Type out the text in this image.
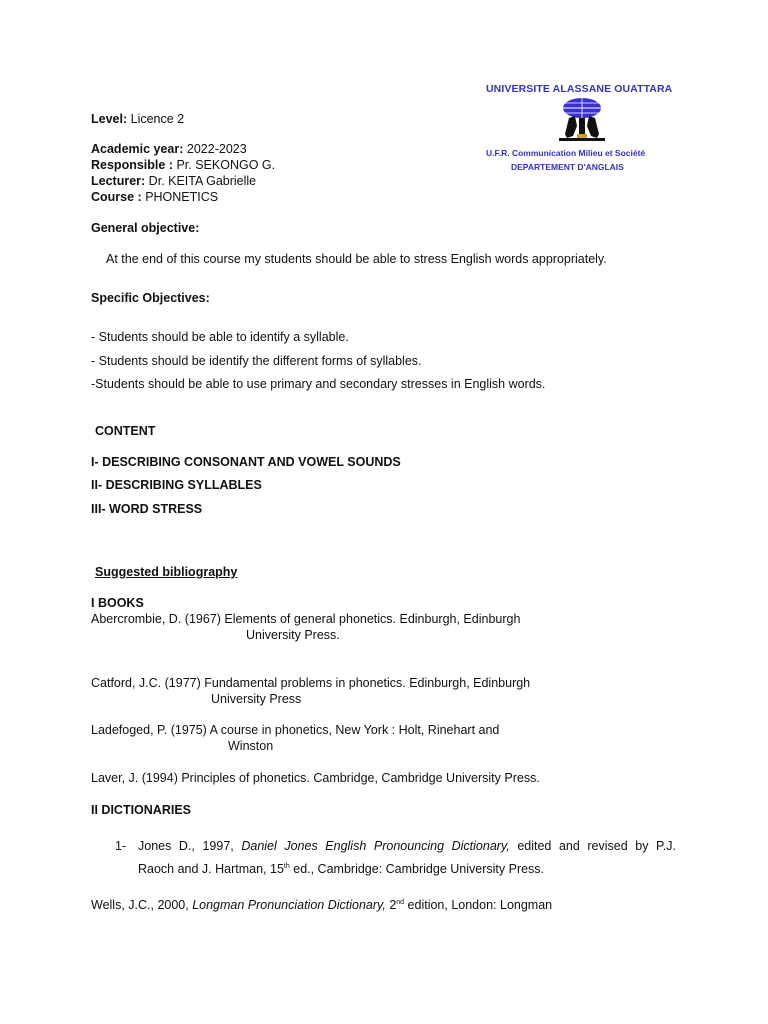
UNIVERSITE ALASSANE OUATTARA
U.F.R. Communication Milieu et Société
DEPARTEMENT D'ANGLAIS
Level: Licence 2
Academic year: 2022-2023
Responsible : Pr. SEKONGO G.
Lecturer: Dr. KEITA Gabrielle
Course : PHONETICS
General objective:
At the end of this course my students should be able to stress English words appropriately.
Specific Objectives:
- Students should be able to identify a syllable.
- Students should be identify the different forms of syllables.
-Students should be able to use primary and secondary stresses in English words.
CONTENT
I- DESCRIBING CONSONANT AND VOWEL SOUNDS
II- DESCRIBING SYLLABLES
III- WORD STRESS
Suggested bibliography
I BOOKS
Abercrombie, D. (1967) Elements of general phonetics. Edinburgh, Edinburgh
University Press.
Catford, J.C. (1977) Fundamental problems in phonetics. Edinburgh, Edinburgh
University Press
Ladefoged, P. (1975) A course in phonetics, New York : Holt, Rinehart and
Winston
Laver, J. (1994) Principles of phonetics. Cambridge, Cambridge University Press.
II DICTIONARIES
1- Jones D., 1997, Daniel Jones English Pronouncing Dictionary, edited and revised by P.J.
Raoch and J. Hartman, 15th ed., Cambridge: Cambridge University Press.
Wells, J.C., 2000, Longman Pronunciation Dictionary, 2nd edition, London: Longman
